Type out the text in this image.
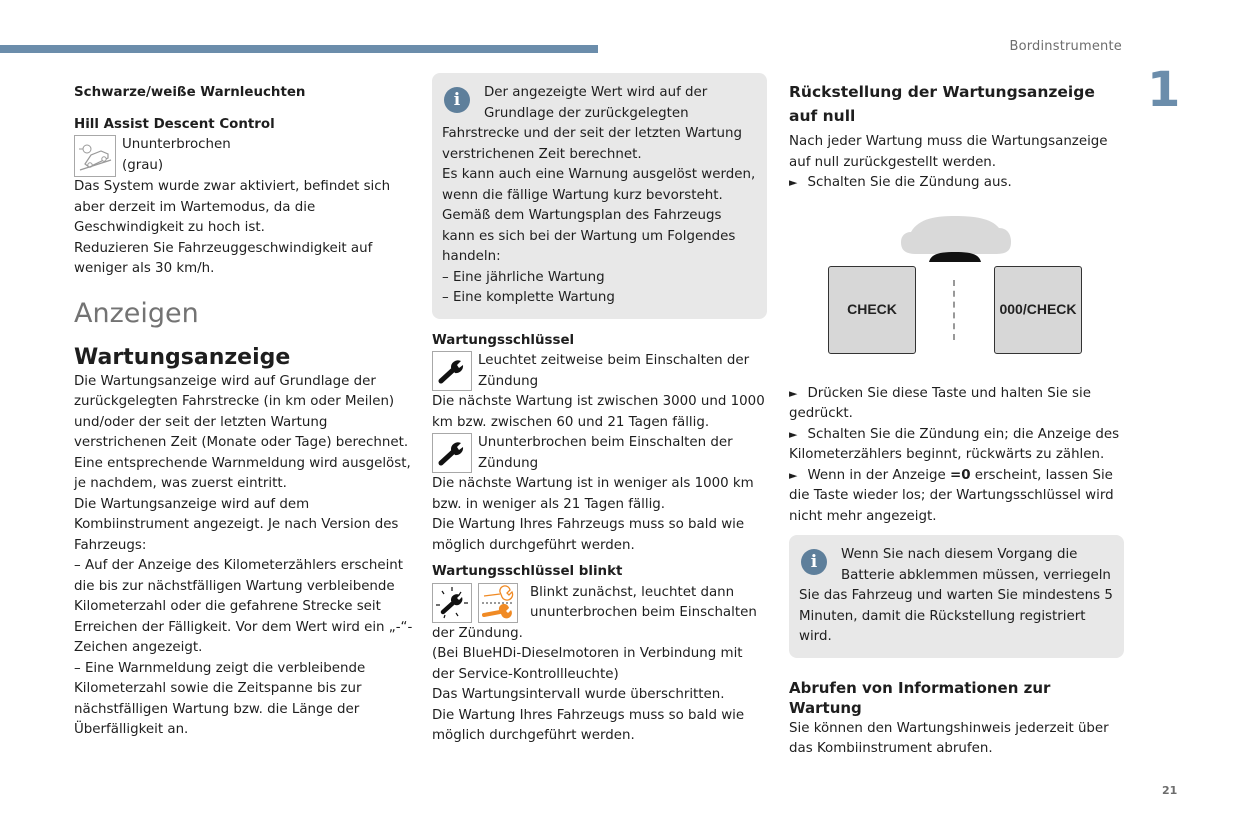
Bordinstrumente
1
21

Schwarze/weiße Warnleuchten

Hill Assist Descent Control

Ununterbrochen

(grau)

Das System wurde zwar aktiviert, befindet sich aber derzeit im Wartemodus, da die Geschwindigkeit zu hoch ist.

Reduzieren Sie Fahrzeuggeschwindigkeit auf weniger als 30 km/h.

Anzeigen

Wartungsanzeige

Die Wartungsanzeige wird auf Grundlage der zurückgelegten Fahrstrecke (in km oder Meilen) und/oder der seit der letzten Wartung verstrichenen Zeit (Monate oder Tage) berechnet.

Eine entsprechende Warnmeldung wird ausgelöst, je nachdem, was zuerst eintritt.

Die Wartungsanzeige wird auf dem Kombiinstrument angezeigt. Je nach Version des Fahrzeugs:

– Auf der Anzeige des Kilometerzählers erscheint die bis zur nächstfälligen Wartung verbleibende Kilometerzahl oder die gefahrene Strecke seit Erreichen der Fälligkeit. Vor dem Wert wird ein „-“-Zeichen angezeigt.

– Eine Warnmeldung zeigt die verbleibende Kilometerzahl sowie die Zeitspanne bis zur nächstfälligen Wartung bzw. die Länge der Überfälligkeit an.

i	Der angezeigte Wert wird auf der Grundlage der zurückgelegten Fahrstrecke und der seit der letzten Wartung verstrichenen Zeit berechnet.

Es kann auch eine Warnung ausgelöst werden, wenn die fällige Wartung kurz bevorsteht.

Gemäß dem Wartungsplan des Fahrzeugs kann es sich bei der Wartung um Folgendes handeln:

– Eine jährliche Wartung

– Eine komplette Wartung

Wartungsschlüssel

Leuchtet zeitweise beim Einschalten der Zündung

Die nächste Wartung ist zwischen 3000 und 1000 km bzw. zwischen 60 und 21 Tagen fällig.

Ununterbrochen beim Einschalten der Zündung

Die nächste Wartung ist in weniger als 1000 km bzw. in weniger als 21 Tagen fällig.

Die Wartung Ihres Fahrzeugs muss so bald wie möglich durchgeführt werden.

Wartungsschlüssel blinkt

Blinkt zunächst, leuchtet dann ununterbrochen beim Einschalten der Zündung.

(Bei BlueHDi-Dieselmotoren in Verbindung mit der Service-Kontrollleuchte)

Das Wartungsintervall wurde überschritten.

Die Wartung Ihres Fahrzeugs muss so bald wie möglich durchgeführt werden.

Rückstellung der Wartungsanzeige auf null

Nach jeder Wartung muss die Wartungsanzeige auf null zurückgestellt werden.

► Schalten Sie die Zündung aus.

CHECK	000/CHECK

► Drücken Sie diese Taste und halten Sie sie gedrückt.

► Schalten Sie die Zündung ein; die Anzeige des Kilometerzählers beginnt, rückwärts zu zählen.

► Wenn in der Anzeige =0 erscheint, lassen Sie die Taste wieder los; der Wartungsschlüssel wird nicht mehr angezeigt.

i	Wenn Sie nach diesem Vorgang die Batterie abklemmen müssen, verriegeln Sie das Fahrzeug und warten Sie mindestens 5 Minuten, damit die Rückstellung registriert wird.

Abrufen von Informationen zur Wartung

Sie können den Wartungshinweis jederzeit über das Kombiinstrument abrufen.
